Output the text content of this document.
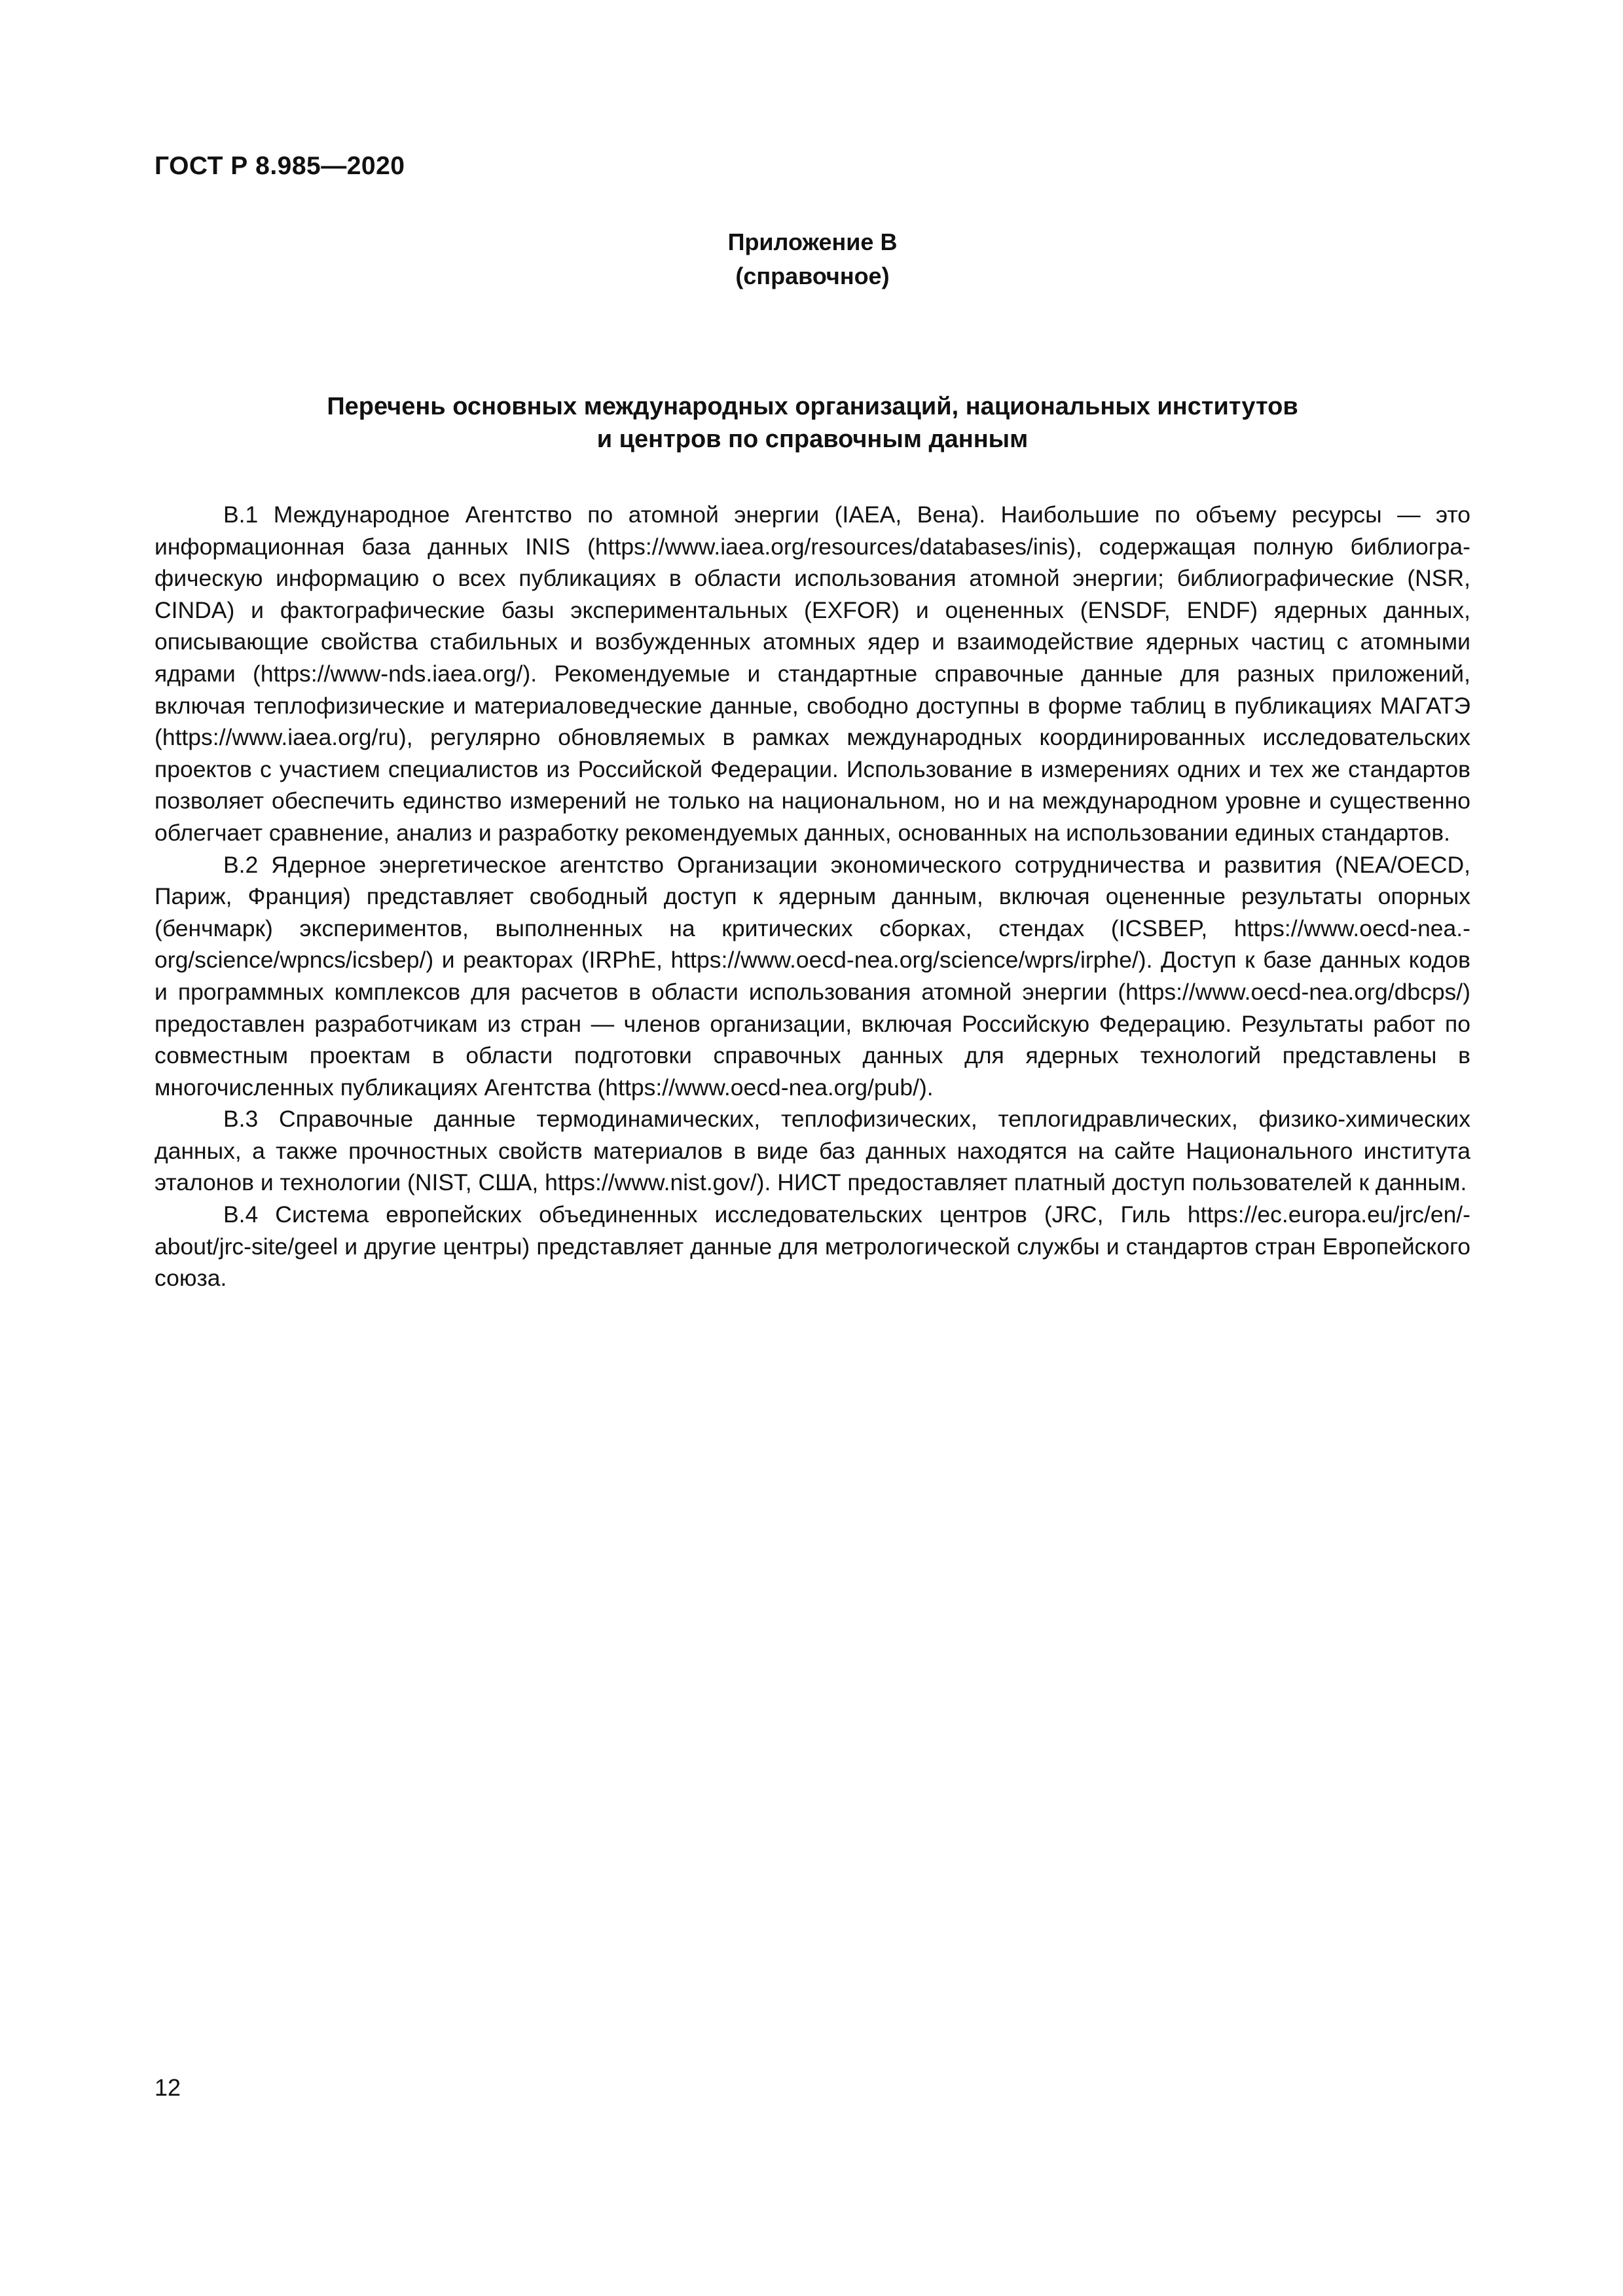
ГОСТ Р 8.985—2020
Приложение В
(справочное)
Перечень основных международных организаций, национальных институтов
и центров по справочным данным

В.1 Международное Агентство по атомной энергии (IAEA, Вена). Наибольшие по объему ресурсы — это информационная база данных INIS (https://www.iaea.org/resources/databases/inis), содержащая полную библиографическую информацию о всех публикациях в области использования атомной энергии; библиографические (NSR, CINDA) и фактографические базы экспериментальных (EXFOR) и оцененных (ENSDF, ENDF) ядерных данных, описывающие свойства стабильных и возбужденных атомных ядер и взаимодействие ядерных частиц с атомными ядрами (https://www-nds.iaea.org/). Рекомендуемые и стандартные справочные данные для разных приложений, включая теплофизические и материаловедческие данные, свободно доступны в форме таблиц в публикациях МАГАТЭ (https://www.iaea.org/ru), регулярно обновляемых в рамках международных координированных исследовательских проектов с участием специалистов из Российской Федерации. Использование в измерениях одних и тех же стандартов позволяет обеспечить единство измерений не только на национальном, но и на международном уровне и существенно облегчает сравнение, анализ и разработку рекомендуемых данных, основанных на использовании единых стандартов.

В.2 Ядерное энергетическое агентство Организации экономического сотрудничества и развития (NEA/OECD, Париж, Франция) представляет свободный доступ к ядерным данным, включая оцененные результаты опорных (бенчмарк) экспериментов, выполненных на критических сборках, стендах (ICSBEP, https://www.oecd-nea.org/science/wpncs/icsbep/) и реакторах (IRPhE, https://www.oecd-nea.org/science/wprs/irphe/). Доступ к базе данных кодов и программных комплексов для расчетов в области использования атомной энергии (https://www.oecd-nea.org/dbcps/) предоставлен разработчикам из стран — членов организации, включая Российскую Федерацию. Результаты работ по совместным проектам в области подготовки справочных данных для ядерных технологий представлены в многочисленных публикациях Агентства (https://www.oecd-nea.org/pub/).

В.3 Справочные данные термодинамических, теплофизических, теплогидравлических, физико-химических данных, а также прочностных свойств материалов в виде баз данных находятся на сайте Национального института эталонов и технологии (NIST, США, https://www.nist.gov/). НИСТ предоставляет платный доступ пользователей к данным.

В.4 Система европейских объединенных исследовательских центров (JRC, Гиль https://ec.europa.eu/jrc/en/about/jrc-site/geel и другие центры) представляет данные для метрологической службы и стандартов стран Европейского союза.

12
